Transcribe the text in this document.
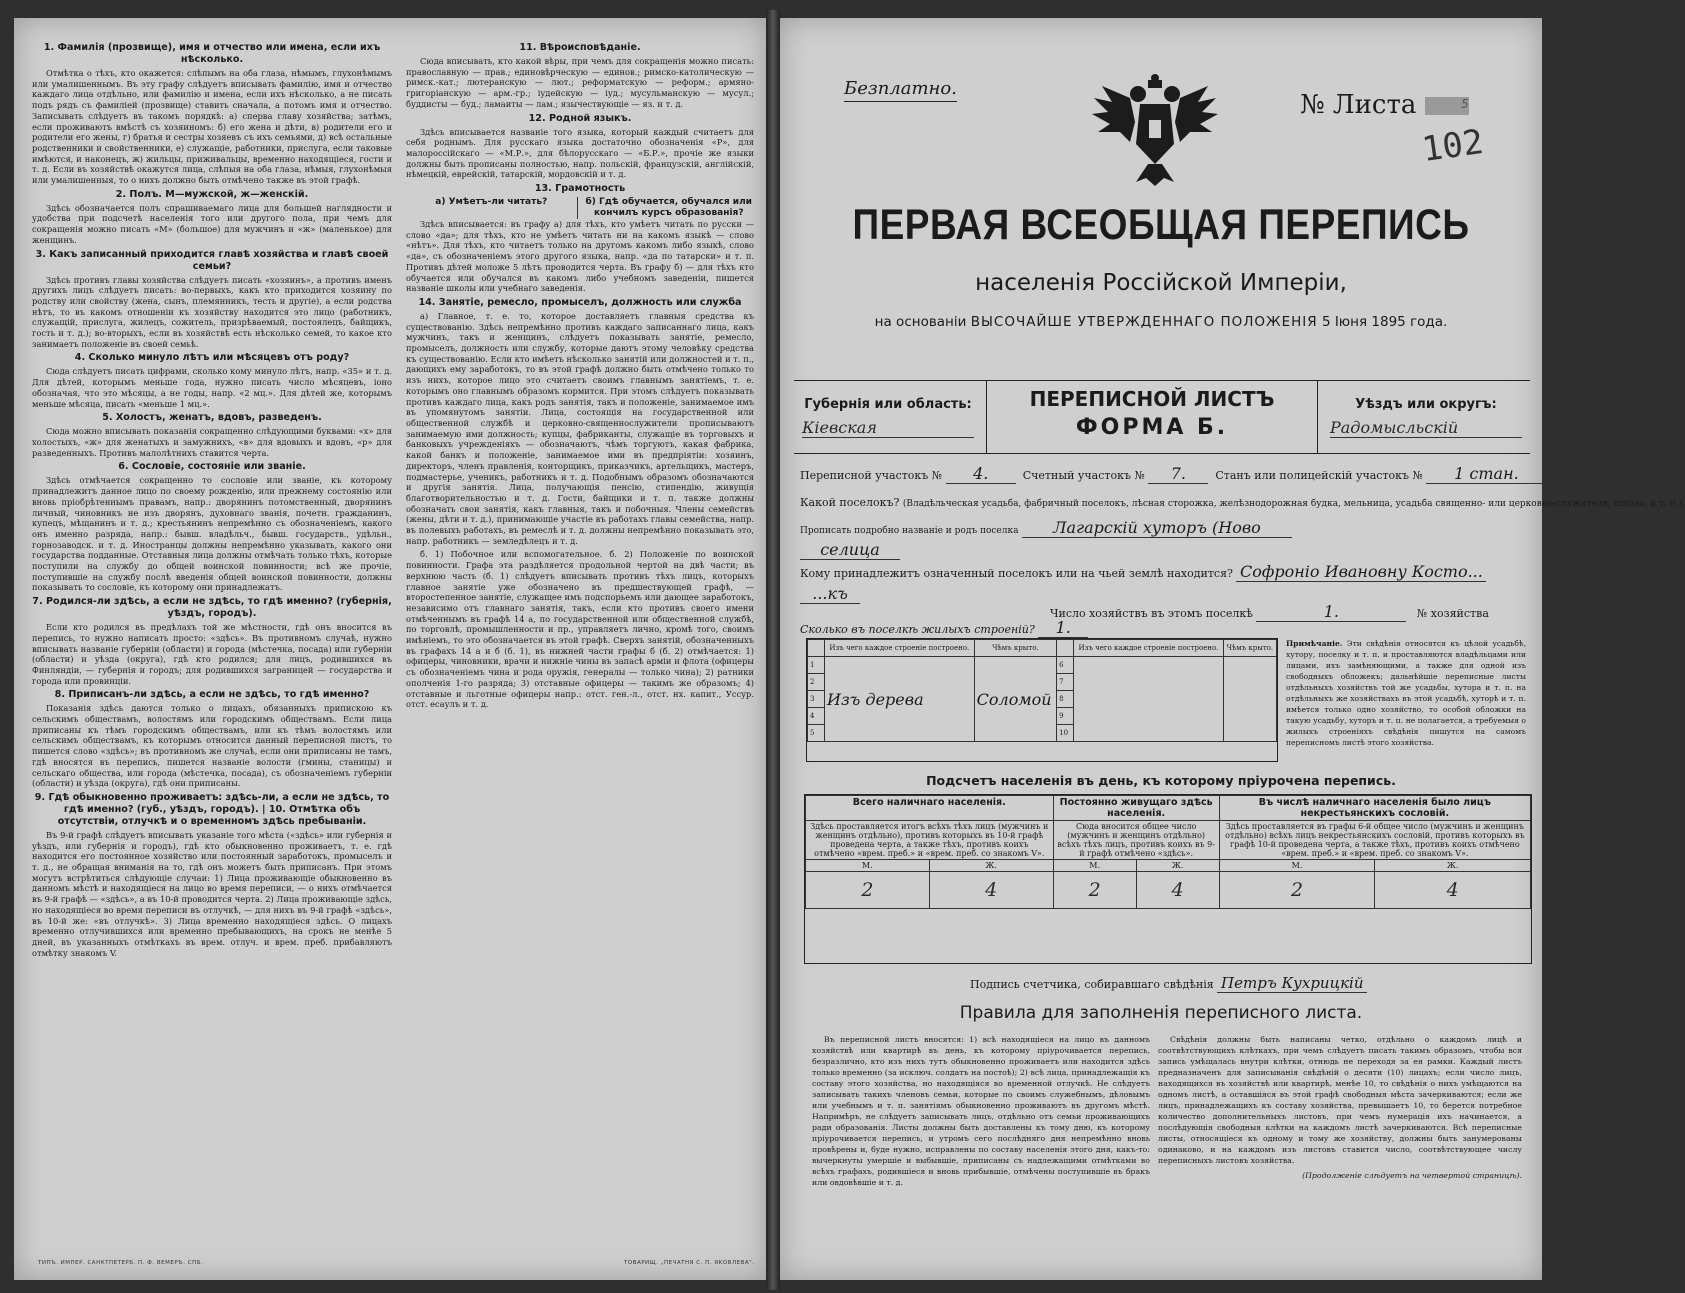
1. Фамилія (прозвище), имя и отчество или имена, если ихъ нѣсколько.

Отмѣтка о тѣхъ, кто окажется: слѣпымъ на оба глаза, нѣмымъ, глухонѣмымъ или умалишеннымъ. Въ эту графу слѣдуетъ вписывать фамилію, имя и отчество каждаго лица отдѣльно, или фамилію и имена, если ихъ нѣсколько, а не писать подъ рядъ съ фамиліей (прозвище) ставить сначала, а потомъ имя и отчество. Записывать слѣдуетъ въ такомъ порядкѣ: а) сперва главу хозяйства; затѣмъ, если проживаютъ вмѣстѣ съ хозяиномъ: б) его жена и дѣти, в) родители его и родители его жены, г) братья и сестры хозяевъ съ ихъ семьями, д) всѣ остальные родственники и свойственники, е) служащіе, работники, прислуга, если таковые имѣются, и наконецъ, ж) жильцы, приживальцы, временно находящіеся, гости и т. д. Если въ хозяйствѣ окажутся лица, слѣпыя на оба глаза, нѣмыя, глухонѣмыя или умалишенныя, то о нихъ должно быть отмѣчено также въ этой графѣ.

2. Полъ. М—мужской, ж—женскій.

Здѣсь обозначается полъ спрашиваемаго лица для большей наглядности и удобства при подсчетѣ населенія того или другого пола, при чемъ для сокращенія можно писать «М» (большое) для мужчинъ и «ж» (маленькое) для женщинъ.

3. Какъ записанный приходится главѣ хозяйства и главѣ своей семьи?

Здѣсь противъ главы хозяйства слѣдуетъ писать «хозяинъ», а противъ именъ другихъ лицъ слѣдуетъ писать: во-первыхъ, какъ кто приходится хозяину по родству или свойству (жена, сынъ, племянникъ, тесть и другіе), а если родства нѣтъ, то въ какомъ отношеніи къ хозяйству находится это лицо (работникъ, служащій, прислуга, жилецъ, сожитель, призрѣваемый, постоялецъ, байщикъ, гость и т. д.); во-вторыхъ, если въ хозяйствѣ есть нѣсколько семей, то какое кто занимаетъ положеніе въ своей семьѣ.

4. Сколько минуло лѣтъ или мѣсяцевъ отъ роду?

Сюда слѣдуетъ писать цифрами, сколько кому минуло лѣтъ, напр. «35» и т. д. Для дѣтей, которымъ меньше года, нужно писать число мѣсяцевъ, іоно обозначая, что это мѣсяцы, а не годы, напр. «2 мц.». Для дѣтей же, которымъ меньше мѣсяца, писать «меньше 1 мц.».

5. Холостъ, женатъ, вдовъ, разведенъ.

Сюда можно вписывать показанія сокращенно слѣдующими буквами: «х» для холостыхъ, «ж» для женатыхъ и замужнихъ, «в» для вдовыхъ и вдовъ, «р» для разведенныхъ. Противъ малолѣтнихъ ставится черта.

6. Сословіе, состояніе или званіе.

Здѣсь отмѣчается сокращенно то сословіе или званіе, къ которому принадлежитъ данное лицо по своему рожденію, или прежнему состоянію или вновь пріобрѣтеннымъ правамъ, напр.: дворянинъ потомственный, дворянинъ личный, чиновникъ не изъ дворянъ, духовнаго званія, почетн. гражданинъ, купецъ, мѣщанинъ и т. д.; крестьянинъ непремѣнно съ обозначеніемъ, какого онъ именно разряда, напр.: бывш. владѣльч., бывш. государств., удѣльн., горнозаводск. и т. д. Иностранцы должны непремѣнно указывать, какого они государства подданные. Отставныя лица должны отмѣчать только тѣхъ, которые поступили на службу до общей воинской повинности; всѣ же прочіе, поступившіе на службу послѣ введенія общей воинской повинности, должны показывать то сословіе, къ которому они принадлежатъ.

7. Родился-ли здѣсь, а если не здѣсь, то гдѣ именно? (губернія, уѣздъ, городъ).

Если кто родился въ предѣлахъ той же мѣстности, гдѣ онъ вносится въ перепись, то нужно написать просто: «здѣсь». Въ противномъ случаѣ, нужно вписывать названіе губерніи (области) и города (мѣстечка, посада) или губерніи (области) и уѣзда (округа), гдѣ кто родился; для лицъ, родившихся въ Финляндіи, — губернія и городъ; для родившихся заграницей — государства и города или провинціи.

8. Приписанъ-ли здѣсь, а если не здѣсь, то гдѣ именно?

Показанія здѣсь даются только о лицахъ, обязанныхъ припискою къ сельскимъ обществамъ, волостямъ или городскимъ обществамъ. Если лица приписаны къ тѣмъ городскимъ обществамъ, или къ тѣмъ волостямъ или сельскимъ обществамъ, къ которымъ относится данный переписной листъ, то пишется слово «здѣсь»; въ противномъ же случаѣ, если они приписаны не тамъ, гдѣ вносятся въ перепись, пишется названіе волости (гмины, станицы) и сельскаго общества, или города (мѣстечка, посада), съ обозначеніемъ губерніи (области) и уѣзда (округа), гдѣ они приписаны.

9. Гдѣ обыкновенно проживаетъ: здѣсь-ли, а если не здѣсь, то гдѣ именно? (губ., уѣздъ, городъ). | 10. Отмѣтка объ отсутствіи, отлучкѣ и о временномъ здѣсь пребываніи.

Въ 9-й графѣ слѣдуетъ вписывать указаніе того мѣста («здѣсь» или губернія и уѣздъ, или губернія и городъ), гдѣ кто обыкновенно проживаетъ, т. е. гдѣ находится его постоянное хозяйство или постоянный заработокъ, промыселъ и т. д., не обращая вниманія на то, гдѣ онъ можетъ быть приписанъ. При этомъ могутъ встрѣтиться слѣдующіе случаи: 1) Лица проживающіе обыкновенно въ данномъ мѣстѣ и находящіеся на лицо во время переписи, — о нихъ отмѣчается въ 9-й графѣ — «здѣсь», а въ 10-й проводится черта. 2) Лица проживающіе здѣсь, но находящіеся во время переписи въ отлучкѣ, — для нихъ въ 9-й графѣ «здѣсь», въ 10-й же: «въ отлучкѣ». 3) Лица временно находящіеся здѣсь. О лицахъ временно отлучившихся или временно пребывающихъ, на срокъ не менѣе 5 дней, въ указанныхъ отмѣткахъ въ врем. отлуч. и врем. преб. прибавляютъ отмѣтку знакомъ V.

11. Вѣроисповѣданіе.

Сюда вписывать, кто какой вѣры, при чемъ для сокращенія можно писать: православную — прав.; единовѣрческую — единов.; римско-католическую — римск.-кат.; лютеранскую — лют.; реформатскую — реформ.; армяно-григоріанскую — арм.-гр.; іудейскую — іуд.; мусульманскую — мусул.; буддисты — буд.; ламаиты — лам.; язычествующіе — яз. и т. д.

12. Родной языкъ.

Здѣсь вписывается названіе того языка, который каждый считаетъ для себя роднымъ. Для русскаго языка достаточно обозначенія «Р», для малороссійскаго — «М.Р.», для бѣлорусскаго — «Б.Р.», прочіе же языки должны быть прописаны полностью, напр. польскій, французскій, англійскій, нѣмецкій, еврейскій, татарскій, мордовскій и т. д.

13. Грамотность
а) Умѣетъ-ли читать?	б) Гдѣ обучается, обучался или кончилъ курсъ образованія?

Здѣсь вписывается: въ графу а) для тѣхъ, кто умѣетъ читать по русски — слово «да»; для тѣхъ, кто не умѣетъ читать ни на какомъ языкѣ — слово «нѣтъ». Для тѣхъ, кто читаетъ только на другомъ какомъ либо языкѣ, слово «да», съ обозначеніемъ этого другого языка, напр. «да по татарски» и т. п. Противъ дѣтей моложе 5 лѣтъ проводится черта. Въ графу б) — для тѣхъ кто обучается или обучался въ какомъ либо учебномъ заведеніи, пишется названіе школы или учебнаго заведенія.

14. Занятіе, ремесло, промыселъ, должность или служба

а) Главное, т. е. то, которое доставляетъ главныя средства къ существованію. Здѣсь непремѣнно противъ каждаго записаннаго лица, какъ мужчинъ, такъ и женщинъ, слѣдуетъ показывать занятіе, ремесло, промыселъ, должность или службу, которые даютъ этому человѣку средства къ существованію. Если кто имѣетъ нѣсколько занятій или должностей и т. п., дающихъ ему заработокъ, то въ этой графѣ должно быть отмѣчено только то изъ нихъ, которое лицо это считаетъ своимъ главнымъ занятіемъ, т. е. которымъ оно главнымъ образомъ кормится. При этомъ слѣдуетъ показывать противъ каждаго лица, какъ родъ занятія, такъ и положеніе, занимаемое имъ въ упомянутомъ занятіи. Лица, состоящія на государственной или общественной службѣ и церковно-священнослужители прописываютъ занимаемую ими должность; купцы, фабриканты, служащіе въ торговыхъ и банковыхъ учрежденіяхъ — обозначаютъ, чѣмъ торгуютъ, какая фабрика, какой банкъ и положеніе, занимаемое ими въ предпріятіи: хозяинъ, директоръ, членъ правленія, конторщикъ, приказчикъ, артельщикъ, мастеръ, подмастерье, ученикъ, работникъ и т. д. Подобнымъ образомъ обозначаются и другія занятія. Лица, получающія пенсію, стипендію, живущія благотворительностью и т. д. Гости, байщики и т. п. также должны обозначать свои занятія, какъ главныя, такъ и побочныя. Члены семействъ (жены, дѣти и т. д.), принимающіе участіе въ работахъ главы семейства, напр. въ полевыхъ работахъ, въ ремеслѣ и т. д. должны непремѣнно показывать это, напр. работникъ — земледѣлецъ и т. д.

б. 1) Побочное или вспомогательное. б. 2) Положеніе по воинской повинности. Графа эта раздѣляется продольной чертой на двѣ части; въ верхнюю часть (б. 1) слѣдуетъ вписывать противъ тѣхъ лицъ, которыхъ главное занятіе уже обозначено въ предшествующей графѣ, — второстепенное занятіе, служащее имъ подспорьемъ или дающее заработокъ, независимо отъ главнаго занятія, такъ, если кто противъ своего имени отмѣченнымъ въ графѣ 14 а, по государственной или общественной службѣ, по торговлѣ, промышленности и пр., управляетъ лично, кромѣ того, своимъ имѣніемъ, то это обозначается въ этой графѣ. Сверхъ занятій, обозначенныхъ въ графахъ 14 а и б (б. 1), въ нижней части графы б (б. 2) отмѣчается: 1) офицеры, чиновники, врачи и нижніе чины въ запасѣ арміи и флота (офицеры съ обозначеніемъ чина и рода оружія, генералы — только чина); 2) ратники ополченія 1-го разряда; 3) отставные офицеры — такимъ же образомъ; 4) отставные и льготные офицеры напр.: отст. ген.-л., отст. нх. капит., Уссур. отст. есаулъ и т. д.

ТИПЪ. ИМПЕР. САНКТПЕТЕРБ. П. Ф. ВЕМЕРЪ. СПБ.	ТОВАРИЩ. „ПЕЧАТНЯ С. П. ЯКОВЛЕВА".
Безплатно.
№ Листа	5
102
ПЕРВАЯ ВСЕОБЩАЯ ПЕРЕПИСЬ
населенія Россійской Имперіи,
на основаніи ВЫСОЧАЙШЕ УТВЕРЖДЕННАГО ПОЛОЖЕНІЯ 5 Іюня 1895 года.
Губернія или область:
Кіевская
ПЕРЕПИСНОЙ ЛИСТЪ
ФОРМА Б.
Уѣздъ или округъ:
Радомысльскій
Переписной участокъ № 4.	Счетный участокъ № 7.	Станъ или полицейскій участокъ № 1 стан.
Какой поселокъ? (Владѣльческая усадьба, фабричный поселокъ, лѣсная сторожка, желѣзнодорожная будка, мельница, усадьба священно- или церковно-служителя, школа, и т. п.).
Прописать подробно названіе и родъ поселка Лагарскій хуторъ (Ново
селица
Кому принадлежитъ означенный поселокъ или на чьей землѣ находится? Софроніо Ивановну Косто...
...къ
Число хозяйствъ въ этомъ поселкѣ	1.	№ хозяйства
Сколько въ поселкѣ жилыхъ строеній? 1.
	Изъ чего каждое строеніе построено.	Чѣмъ крыто.		Изъ чего каждое строеніе построено.	Чѣмъ крыто.
1	Изъ дерева	Соломой	6		
2			7		
3			8		
4			9		
5			10		
Примѣчаніе. Эти свѣдѣнія относятся къ цѣлой усадьбѣ, хутору, поселку и т. п. и проставляются владѣльцами или лицами, ихъ замѣняющими, а также для одной изъ свободныхъ обложекъ; дальнѣйшіе переписные листы отдѣльныхъ хозяйствъ той же усадьбы, хутора и т. п. на отдѣльныхъ же хозяйствахъ въ этой усадьбѣ, хуторѣ и т. п. имѣется только одно хозяйство, то особой обложки на такую усадьбу, хуторъ и т. п. не полагается, а требуемыя о жилыхъ строеніяхъ свѣдѣнія пишутся на самомъ переписномъ листѣ этого хозяйства.
Подсчетъ населенія въ день, къ которому пріурочена перепись.
Всего наличнаго населенія.		Постоянно живущаго здѣсь населенія.		Въ числѣ наличнаго населенія было лицъ некрестьянскихъ сословій.	
Здѣсь проставляется итогъ всѣхъ тѣхъ лицъ (мужчинъ и женщинъ отдѣльно), противъ которыхъ въ 10-й графѣ проведена черта, а также тѣхъ, противъ коихъ отмѣчено «врем. преб.» и «врем. преб. со знакомъ V».		Сюда вносится общее число (мужчинъ и женщинъ отдѣльно) всѣхъ тѣхъ лицъ, противъ коихъ въ 9-й графѣ отмѣчено «здѣсь».		Здѣсь проставляется въ графы 6-й общее число (мужчинъ и женщинъ отдѣльно) всѣхъ лицъ некрестьянскихъ сословій, противъ которыхъ въ графѣ 10-й проведена черта, а также тѣхъ, противъ коихъ отмѣчено «врем. преб.» и «врем. преб. со знакомъ V».	
М.	Ж.	М.	Ж.	М.	Ж.
2	4	2	4	2	4
Подпись счетчика, собиравшаго свѣдѣнія Петръ Кухрицкій
Правила для заполненія переписного листа.

Въ переписной листъ вносятся: 1) всѣ находящіеся на лицо въ данномъ хозяйствѣ или квартирѣ въ день, къ которому пріурочивается перепись, безразлично, кто изъ нихъ тутъ обыкновенно проживаетъ или находится здѣсь только временно (за исключ. солдатъ на постоѣ); 2) всѣ лица, принадлежащія къ составу этого хозяйства, но находящіяся во временной отлучкѣ. Не слѣдуетъ записывать такихъ членовъ семьи, которые по своимъ служебнымъ, дѣловымъ или учебнымъ и т. п. занятіямъ обыкновенно проживаютъ въ другомъ мѣстѣ. Напримѣръ, не слѣдуетъ записывать лицъ, отдѣльно отъ семьи проживающихъ ради образованія. Листы должны быть доставлены къ тому дню, къ которому пріурочивается перепись, и утромъ сего послѣдняго дня непремѣнно вновь провѣрены и, буде нужно, исправлены по составу населенія этого дня, какъ-то: вычеркнуты умершіе и выбывшіе, приписаны съ надлежащими отмѣтками во всѣхъ графахъ, родившіеся и вновь прибывшіе, отмѣчены поступившіе въ бракъ или овдовѣвшіе и т. д.

Свѣдѣнія должны быть написаны четко, отдѣльно о каждомъ лицѣ и соотвѣтствующихъ клѣткахъ, при чемъ слѣдуетъ писать такимъ образомъ, чтобы вся запись умѣщалась внутри клѣтки, отнюдь не переходя за ея рамки. Каждый листъ предназначенъ для записыванія свѣдѣній о десяти (10) лицахъ; если число лицъ, находящихся въ хозяйствѣ или квартирѣ, менѣе 10, то свѣдѣнія о нихъ умѣщаются на одномъ листѣ, а оставшіяся въ этой графѣ свободныя мѣста зачеркиваются; если же лицъ, принадлежащихъ къ составу хозяйства, превышаетъ 10, то берется потребное количество дополнительныхъ листовъ, при чемъ нумерація ихъ начинается, а послѣдующія свободныя клѣтки на каждомъ листѣ зачеркиваются. Всѣ переписные листы, относящіеся къ одному и тому же хозяйству, должны быть занумерованы одинаково, и на каждомъ изъ листовъ ставится число, соотвѣтствующее числу переписныхъ листовъ хозяйства.

(Продолженіе слѣдуетъ на четвертой страницѣ).
